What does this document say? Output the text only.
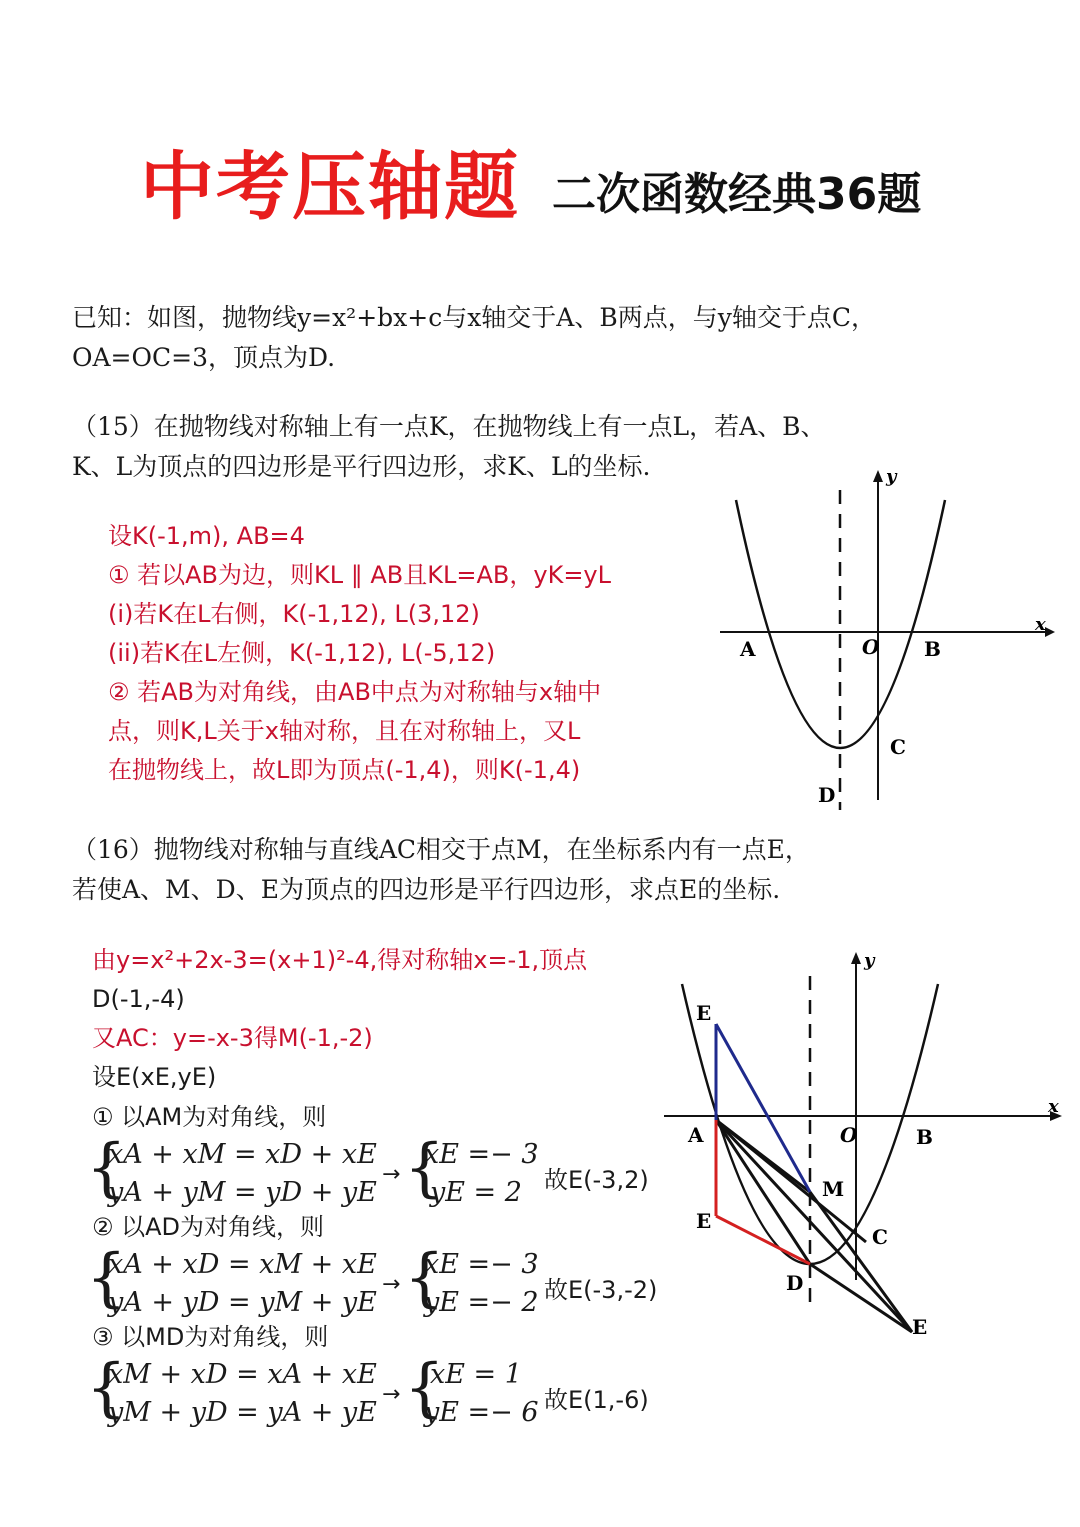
中考压轴题 二次函数经典36题
已知：如图，抛物线y=x²+bx+c与x轴交于A、B两点，与y轴交于点C，
OA=OC=3，顶点为D.
（15）在抛物线对称轴上有一点K，在抛物线上有一点L，若A、B、
K、L为顶点的四边形是平行四边形，求K、L的坐标.
设K(-1,m), AB=4
① 若以AB为边，则KL ∥ AB且KL=AB，yK=yL
(i)若K在L右侧，K(-1,12), L(3,12)
(ii)若K在L左侧，K(-1,12), L(-5,12)
② 若AB为对角线，由AB中点为对称轴与x轴中
点，则K,L关于x轴对称，且在对称轴上，又L
在抛物线上，故L即为顶点(-1,4)，则K(-1,4)
x
y
A	B
O
C
D
（16）抛物线对称轴与直线AC相交于点M，在坐标系内有一点E，
若使A、M、D、E为顶点的四边形是平行四边形，求点E的坐标.
由y=x²+2x-3=(x+1)²-4,得对称轴x=-1,顶点
D(-1,-4)
又AC：y=-x-3得M(-1,-2)
设E(xE,yE)
① 以AM为对角线，则
{
xA + xM = xD + xE
yA + yM = yD + yE
→ {
xE =− 3
yE = 2 故E(-3,2)
② 以AD为对角线，则
{
xA + xD = xM + xE
yA + yD = yM + yE
→ {
xE =− 3
yE =− 2 故E(-3,-2)
③ 以MD为对角线，则
{
xM + xD = xA + xE
yM + yD = yA + yE
→ {
xE = 1
yE =− 6 故E(1,-6)
x
y
A	B
O
C
D
M
E
E
E
